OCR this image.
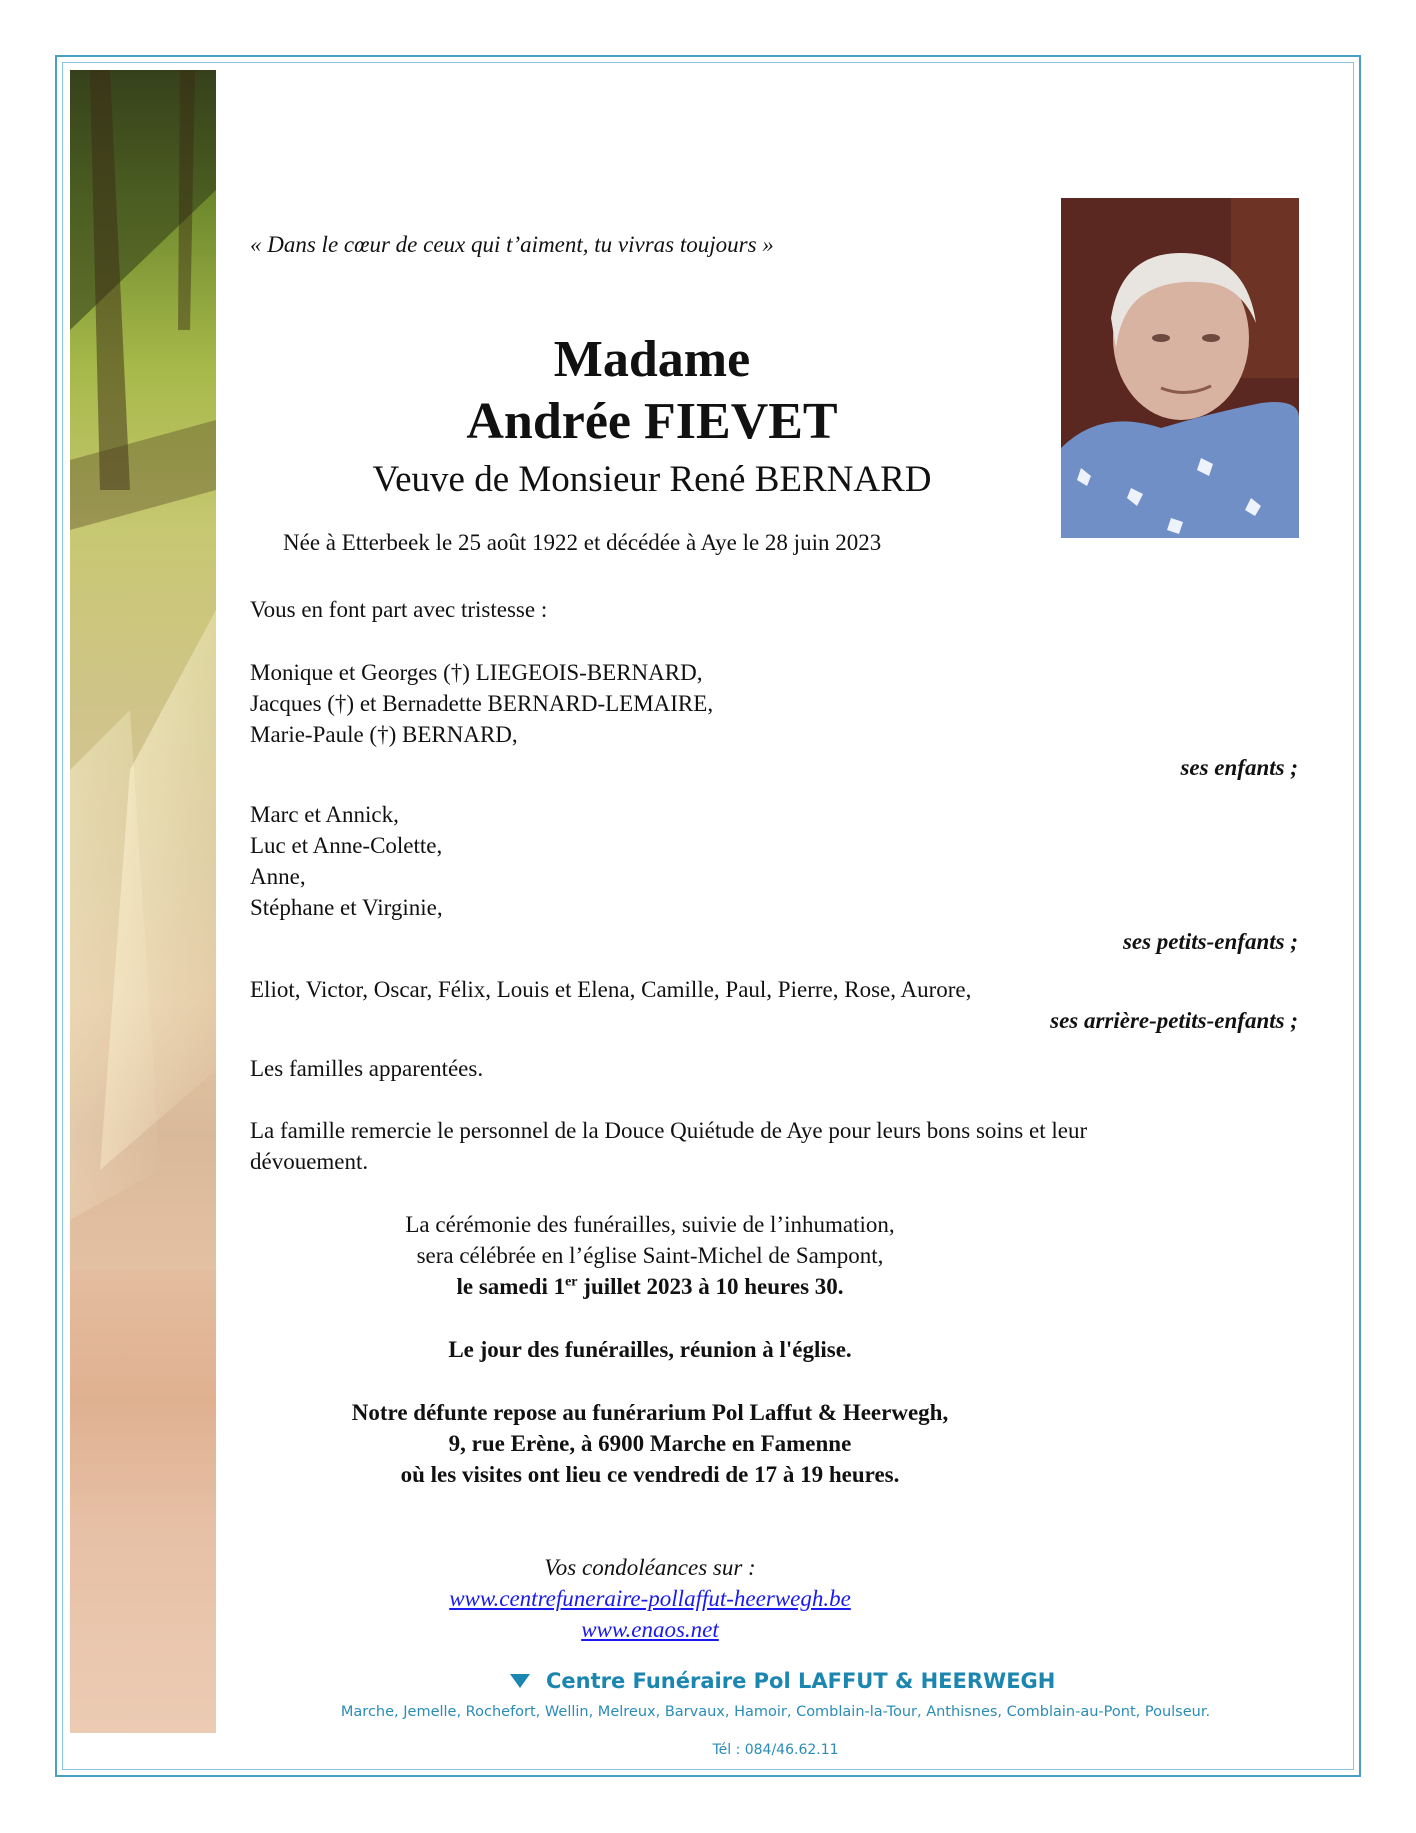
« Dans le cœur de ceux qui t’aiment, tu vivras toujours »
Madame
Andrée FIEVET
Veuve de Monsieur René BERNARD
Née à Etterbeek le 25 août 1922 et décédée à Aye le 28 juin 2023
Vous en font part avec tristesse :
Monique et Georges (†) LIEGEOIS-BERNARD,
Jacques (†) et Bernadette BERNARD-LEMAIRE,
Marie-Paule (†) BERNARD,
ses enfants ;
Marc et Annick,
Luc et Anne-Colette,
Anne,
Stéphane et Virginie,
ses petits-enfants ;
Eliot, Victor, Oscar, Félix, Louis et Elena, Camille, Paul, Pierre, Rose, Aurore,
ses arrière-petits-enfants ;
Les familles apparentées.
La famille remercie le personnel de la Douce Quiétude de Aye pour leurs bons soins et leur
dévouement.
La cérémonie des funérailles, suivie de l’inhumation,
sera célébrée en l’église Saint-Michel de Sampont,
le samedi 1er juillet 2023 à 10 heures 30.
Le jour des funérailles, réunion à l'église.
Notre défunte repose au funérarium Pol Laffut & Heerwegh,
9, rue Erène, à 6900 Marche en Famenne
où les visites ont lieu ce vendredi de 17 à 19 heures.
Vos condoléances sur :
www.centrefuneraire-pollaffut-heerwegh.be
www.enaos.net
Centre Funéraire Pol LAFFUT & HEERWEGH
Marche, Jemelle, Rochefort, Wellin, Melreux, Barvaux, Hamoir, Comblain-la-Tour, Anthisnes, Comblain-au-Pont, Poulseur.
Tél : 084/46.62.11
